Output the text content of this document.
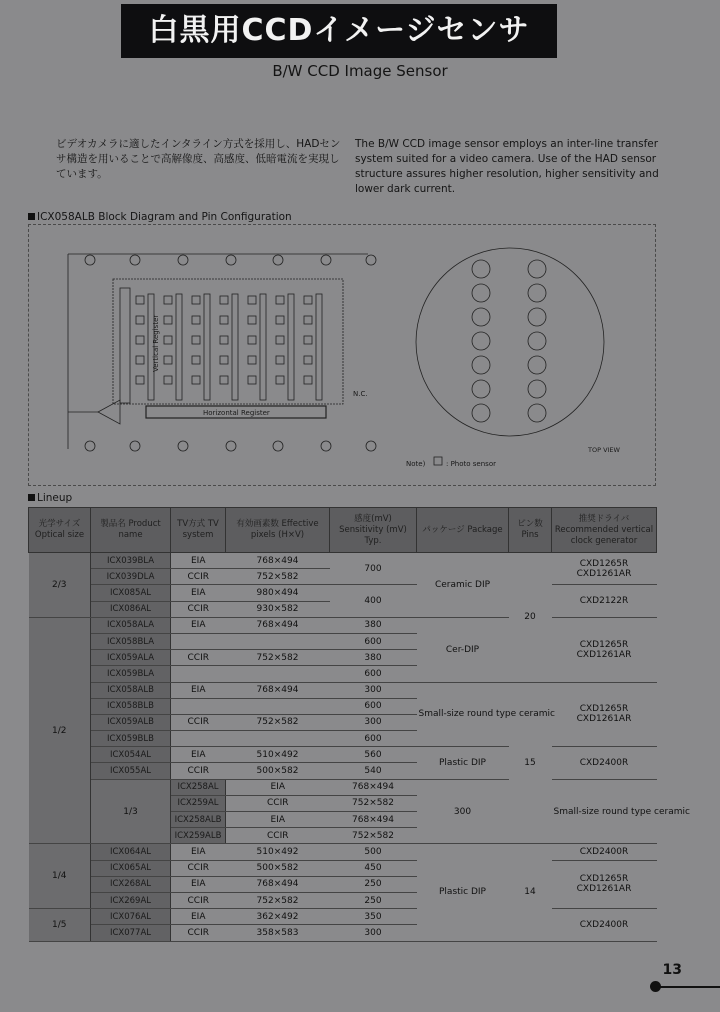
白黒用CCDイメージセンサ
B/W CCD Image Sensor
ビデオカメラに適したインタライン方式を採用し、HADセンサ構造を用いることで高解像度、高感度、低暗電流を実現しています。
The B/W CCD image sensor employs an inter-line transfer system suited for a video camera. Use of the HAD sensor structure assures higher resolution, higher sensitivity and lower dark current.
ICX058ALB Block Diagram and Pin Configuration
Vertical Register
Horizontal Register
N.C.
Note)	: Photo sensor
TOP VIEW
Lineup
光学サイズ Optical size	製品名 Product name	TV方式 TV system	有効画素数 Effective pixels (H×V)	感度(mV) Sensitivity (mV) Typ.	パッケージ Package	ピン数 Pins	推奨ドライバ Recommended vertical clock generator	
2/3	ICX039BLA	EIA	768×494	700	Ceramic DIP	20	CXD1265R
CXD1261AR	

	ICX039DLA	CCIR	752×582					
	ICX085AL	EIA	980×494	400			CXD2122R	

	ICX086AL	CCIR	930×582					
1/2	ICX058ALA	EIA	768×494	380	Cer-DIP		CXD1265R
CXD1261AR	

	ICX058BLA			600				
	ICX059ALA	CCIR	752×582	380				
	ICX059BLA			600				
	ICX058ALB	EIA	768×494	300	Small-size round type ceramic	15	CXD1265R
CXD1261AR	

	ICX058BLB			600				
	ICX059ALB	CCIR	752×582	300				
	ICX059BLB			600				
	ICX054AL	EIA	510×492	560	Plastic DIP		CXD2400R	

	ICX055AL	CCIR	500×582	540				
	1/3	ICX258AL	EIA	768×494	300		Small-size round type ceramic	

		ICX259AL	CCIR	752×582				
		ICX258ALB	EIA	768×494				
		ICX259ALB	CCIR	752×582				
1/4	ICX064AL	EIA	510×492	500	Plastic DIP	14	CXD2400R	

	ICX065AL	CCIR	500×582	450			CXD1265R
CXD1261AR	

	ICX268AL	EIA	768×494	250				
	ICX269AL	CCIR	752×582	250				
1/5	ICX076AL	EIA	362×492	350			CXD2400R	

	ICX077AL	CCIR	358×583	300				
13
